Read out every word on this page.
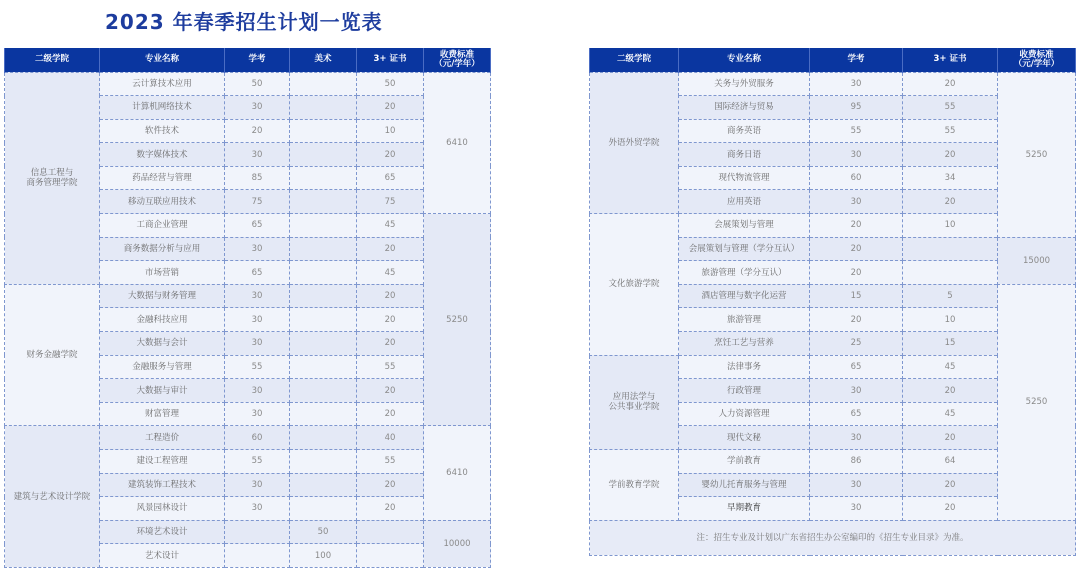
2023 年春季招生计划一览表
二级学院	专业名称	学考	美术	3+ 证书	收费标准
（元/学年）

信息工程与
商务管理学院	云计算技术应用	50		50	6410
	计算机网络技术	30		20	
	软件技术	20		10	
	数字媒体技术	30		20	
	药品经营与管理	85		65	
	移动互联应用技术	75		75	
	工商企业管理	65		45	5250
	商务数据分析与应用	30		20	
	市场营销	65		45	

财务金融学院	大数据与财务管理	30		20	
	金融科技应用	30		20	
	大数据与会计	30		20	
	金融服务与管理	55		55	
	大数据与审计	30		20	
	财富管理	30		20	

建筑与艺术设计学院	工程造价	60		40	6410
	建设工程管理	55		55	
	建筑装饰工程技术	30		20	
	风景园林设计	30		20	
	环境艺术设计		50		10000
	艺术设计		100		
二级学院	专业名称	学考	3+ 证书	收费标准
（元/学年）

外语外贸学院	关务与外贸服务	30	20	5250
	国际经济与贸易	95	55	
	商务英语	55	55	
	商务日语	30	20	
	现代物流管理	60	34	
	应用英语	30	20	

文化旅游学院	会展策划与管理	20	10	
	会展策划与管理（学分互认）	20		15000
	旅游管理（学分互认）	20		
	酒店管理与数字化运营	15	5	5250
	旅游管理	20	10	
	烹饪工艺与营养	25	15	

应用法学与
公共事业学院	法律事务	65	45	
	行政管理	30	20	
	人力资源管理	65	45	
	现代文秘	30	20	

学前教育学院	学前教育	86	64	
	婴幼儿托育服务与管理	30	20	
	早期教育	30	20	
注：招生专业及计划以广东省招生办公室编印的《招生专业目录》为准。				
